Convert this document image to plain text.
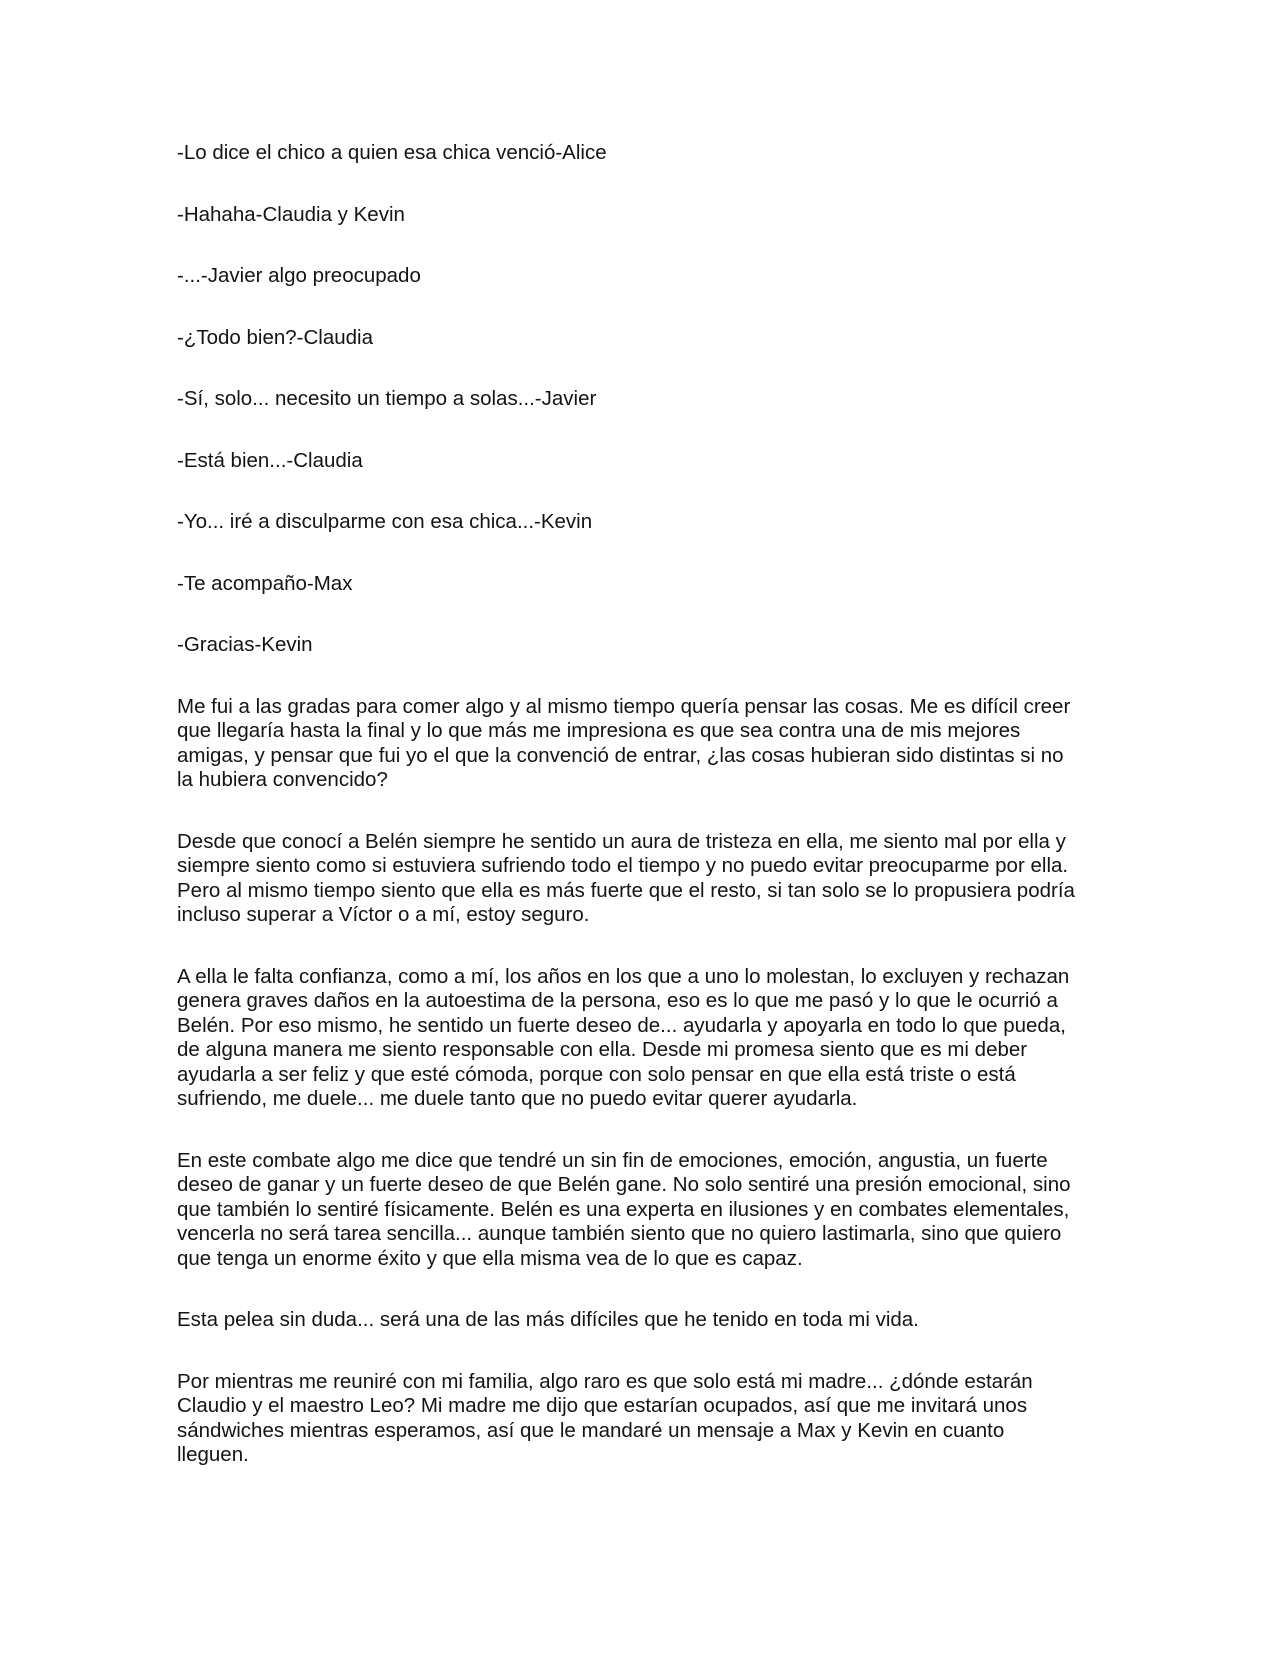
-Lo dice el chico a quien esa chica venció-Alice
-Hahaha-Claudia y Kevin
-...-Javier algo preocupado
-¿Todo bien?-Claudia
-Sí, solo... necesito un tiempo a solas...-Javier
-Está bien...-Claudia
-Yo... iré a disculparme con esa chica...-Kevin
-Te acompaño-Max
-Gracias-Kevin
Me fui a las gradas para comer algo y al mismo tiempo quería pensar las cosas. Me es difícil creer
que llegaría hasta la final y lo que más me impresiona es que sea contra una de mis mejores
amigas, y pensar que fui yo el que la convenció de entrar, ¿las cosas hubieran sido distintas si no
la hubiera convencido?
Desde que conocí a Belén siempre he sentido un aura de tristeza en ella, me siento mal por ella y
siempre siento como si estuviera sufriendo todo el tiempo y no puedo evitar preocuparme por ella.
Pero al mismo tiempo siento que ella es más fuerte que el resto, si tan solo se lo propusiera podría
incluso superar a Víctor o a mí, estoy seguro.
A ella le falta confianza, como a mí, los años en los que a uno lo molestan, lo excluyen y rechazan
genera graves daños en la autoestima de la persona, eso es lo que me pasó y lo que le ocurrió a
Belén. Por eso mismo, he sentido un fuerte deseo de... ayudarla y apoyarla en todo lo que pueda,
de alguna manera me siento responsable con ella. Desde mi promesa siento que es mi deber
ayudarla a ser feliz y que esté cómoda, porque con solo pensar en que ella está triste o está
sufriendo, me duele... me duele tanto que no puedo evitar querer ayudarla.
En este combate algo me dice que tendré un sin fin de emociones, emoción, angustia, un fuerte
deseo de ganar y un fuerte deseo de que Belén gane. No solo sentiré una presión emocional, sino
que también lo sentiré físicamente. Belén es una experta en ilusiones y en combates elementales,
vencerla no será tarea sencilla... aunque también siento que no quiero lastimarla, sino que quiero
que tenga un enorme éxito y que ella misma vea de lo que es capaz.
Esta pelea sin duda... será una de las más difíciles que he tenido en toda mi vida.
Por mientras me reuniré con mi familia, algo raro es que solo está mi madre... ¿dónde estarán
Claudio y el maestro Leo? Mi madre me dijo que estarían ocupados, así que me invitará unos
sándwiches mientras esperamos, así que le mandaré un mensaje a Max y Kevin en cuanto
lleguen.
